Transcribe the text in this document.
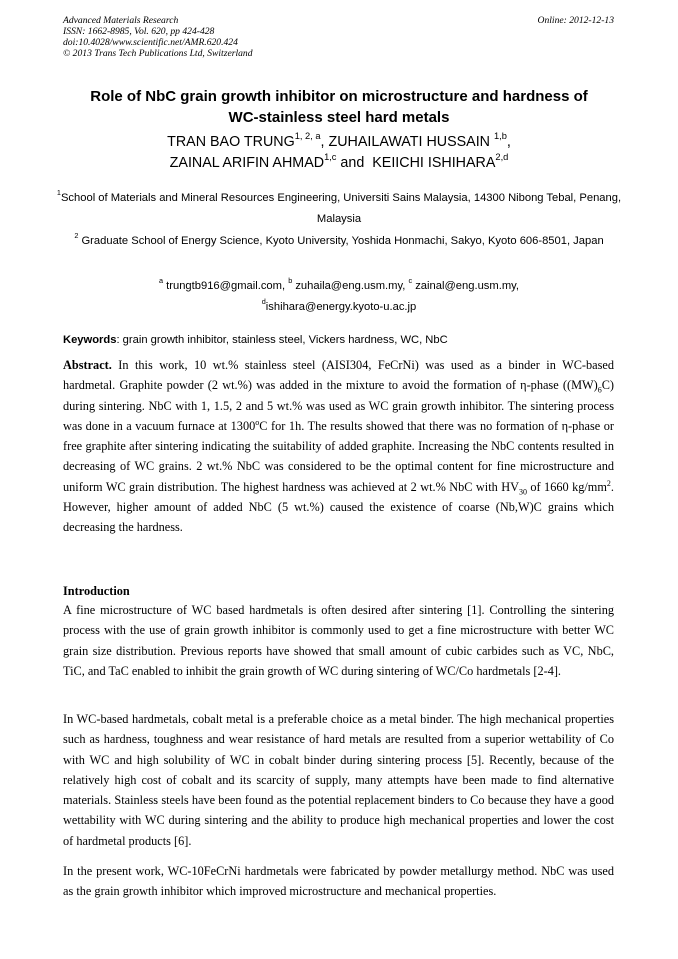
Advanced Materials Research
ISSN: 1662-8985, Vol. 620, pp 424-428
doi:10.4028/www.scientific.net/AMR.620.424
© 2013 Trans Tech Publications Ltd, Switzerland
Online: 2012-12-13
Role of NbC grain growth inhibitor on microstructure and hardness of
WC-stainless steel hard metals
TRAN BAO TRUNG$^{1, 2, a}$, ZUHAILAWATI HUSSAIN $^{1,b}$,
ZAINAL ARIFIN AHMAD$^{1,c}$ and KEIICHI ISHIHARA$^{2,d}$
$^1$School of Materials and Mineral Resources Engineering, Universiti Sains Malaysia, 14300 Nibong Tebal, Penang, Malaysia
$^2$ Graduate School of Energy Science, Kyoto University, Yoshida Honmachi, Sakyo, Kyoto 606-8501, Japan
$^a$ trungtb916@gmail.com, $^b$ zuhaila@eng.usm.my, $^c$ zainal@eng.usm.my,
$^d$ishihara@energy.kyoto-u.ac.jp
Keywords: grain growth inhibitor, stainless steel, Vickers hardness, WC, NbC
Abstract. In this work, 10 wt.% stainless steel (AISI304, FeCrNi) was used as a binder in WC-based hardmetal. Graphite powder (2 wt.%) was added in the mixture to avoid the formation of η-phase $((MW)_6C)$ during sintering. NbC with 1, 1.5, 2 and 5 wt.% was used as WC grain growth inhibitor. The sintering process was done in a vacuum furnace at 1300$^o$C for 1h. The results showed that there was no formation of η-phase or free graphite after sintering indicating the suitability of added graphite. Increasing the NbC contents resulted in decreasing of WC grains. 2 wt.% NbC was considered to be the optimal content for fine microstructure and uniform WC grain distribution. The highest hardness was achieved at 2 wt.% NbC with $HV_{30}$ of 1660 $kg/mm^2$. However, higher amount of added NbC (5 wt.%) caused the existence of coarse (Nb,W)C grains which decreasing the hardness.
Introduction
A fine microstructure of WC based hardmetals is often desired after sintering [1]. Controlling the sintering process with the use of grain growth inhibitor is commonly used to get a fine microstructure with better WC grain size distribution. Previous reports have showed that small amount of cubic carbides such as VC, NbC, TiC, and TaC enabled to inhibit the grain growth of WC during sintering of WC/Co hardmetals [2-4].
In WC-based hardmetals, cobalt metal is a preferable choice as a metal binder. The high mechanical properties such as hardness, toughness and wear resistance of hard metals are resulted from a superior wettability of Co with WC and high solubility of WC in cobalt binder during sintering process [5]. Recently, because of the relatively high cost of cobalt and its scarcity of supply, many attempts have been made to find alternative materials. Stainless steels have been found as the potential replacement binders to Co because they have a good wettability with WC during sintering and the ability to produce high mechanical properties and lower the cost of hardmetal products [6].
In the present work, WC-10FeCrNi hardmetals were fabricated by powder metallurgy method. NbC was used as the grain growth inhibitor which improved microstructure and mechanical properties.
